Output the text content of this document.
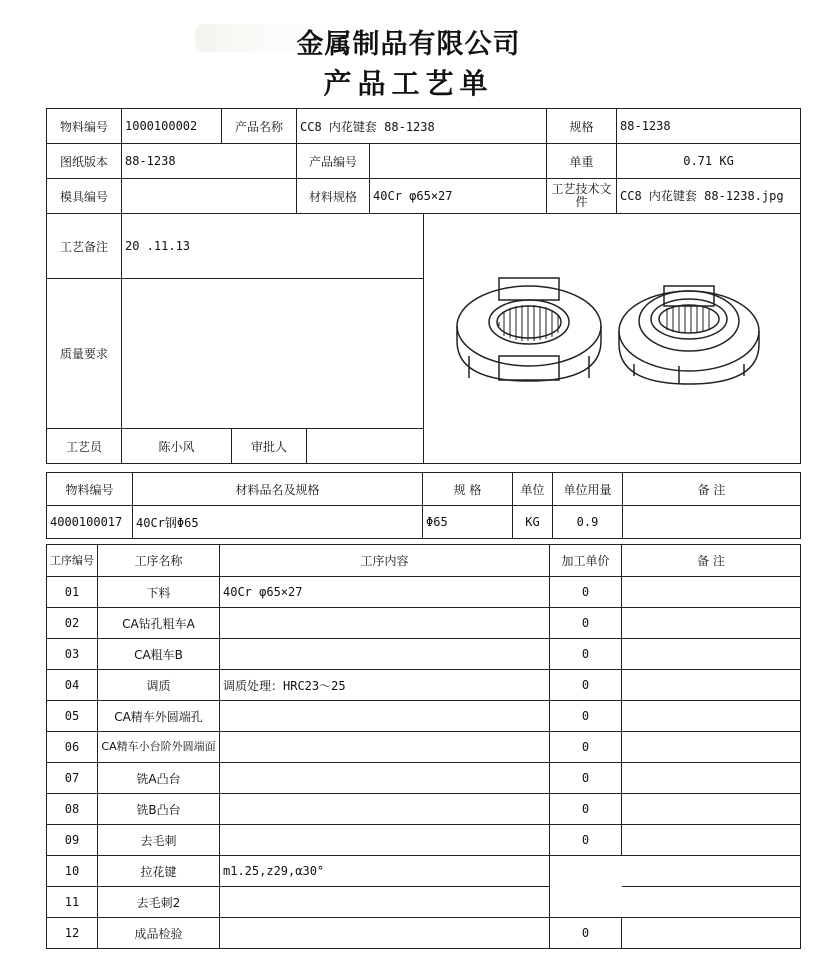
金属制品有限公司
产品工艺单
物料编号	1000100002	产品名称	CC8 内花键套 88-1238		规格	88-1238
图纸版本	88-1238		产品编号		单重	0.71 KG
模具编号			材料规格	40Cr φ65×27	工艺技术文件	CC8 内花键套 88-1238.jpg
工艺备注	20 .11.13	

质量要求				
工艺员	陈小风	审批人		
物料编号	材料品名及规格	规 格	单位	单位用量	备 注
4000100017	40Cr钢Φ65	Φ65	KG	0.9	
工序编号	工序名称	工序内容	加工单价	备 注
01	下料	40Cr φ65×27	0	
02	CA钻孔粗车A		0	
03	CA粗车B		0	
04	调质	调质处理：HRC23～25	0	
05	CA精车外圆端孔		0	
06	CA精车小台阶外圆端面		0	
07	铣A凸台		0	
08	铣B凸台		0	
09	去毛刺		0	
10	拉花键	m1.25,z29,α30°		
11	去毛刺2			
12	成品检验		0	
